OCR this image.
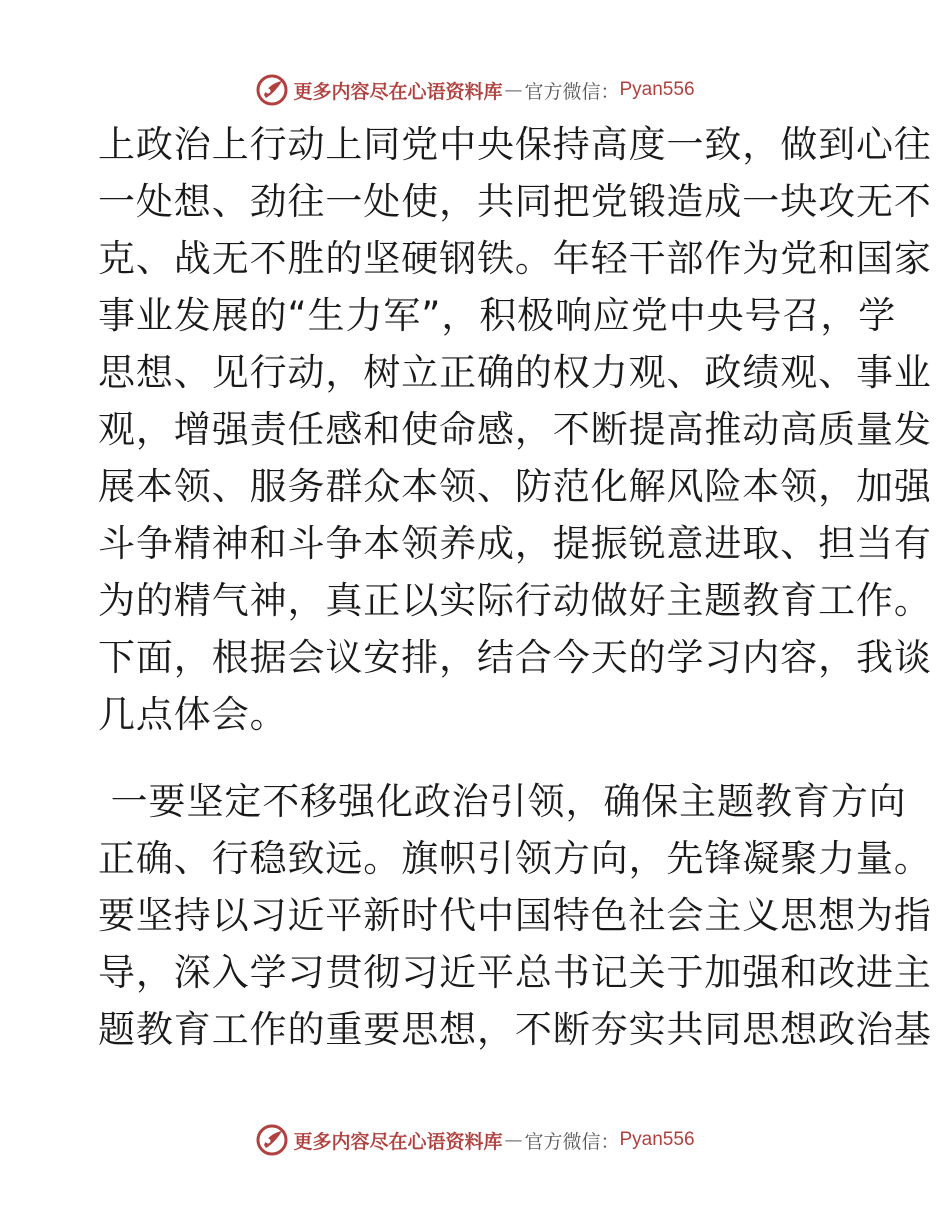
更多内容尽在心语资料库 — 官方微信： Pyan556
上政治上行动上同党中央保持高度一致，做到心往
一处想、劲往一处使，共同把党锻造成一块攻无不
克、战无不胜的坚硬钢铁。年轻干部作为党和国家
事业发展的“生力军”，积极响应党中央号召，学
思想、见行动，树立正确的权力观、政绩观、事业
观，增强责任感和使命感，不断提高推动高质量发
展本领、服务群众本领、防范化解风险本领，加强
斗争精神和斗争本领养成，提振锐意进取、担当有
为的精气神，真正以实际行动做好主题教育工作。
下面，根据会议安排，结合今天的学习内容，我谈
几点体会。
一要坚定不移强化政治引领，确保主题教育方向
正确、行稳致远。旗帜引领方向，先锋凝聚力量。
要坚持以习近平新时代中国特色社会主义思想为指
导，深入学习贯彻习近平总书记关于加强和改进主
题教育工作的重要思想，不断夯实共同思想政治基
更多内容尽在心语资料库 — 官方微信： Pyan556
